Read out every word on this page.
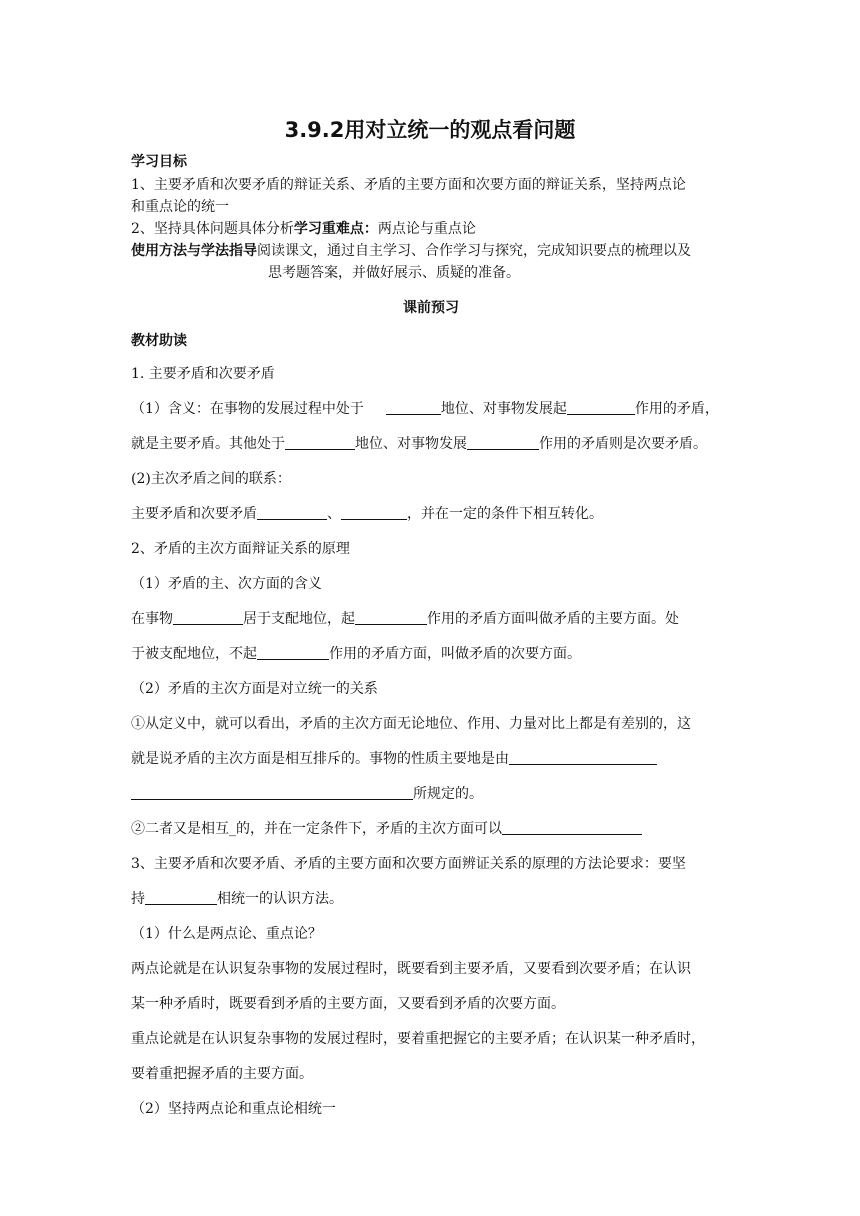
3.9.2用对立统一的观点看问题
学习目标
1、主要矛盾和次要矛盾的辩证关系、矛盾的主要方面和次要方面的辩证关系，坚持两点论
和重点论的统一
2、坚持具体问题具体分析学习重难点：两点论与重点论
使用方法与学法指导阅读课文，通过自主学习、合作学习与探究，完成知识要点的梳理以及
思考题答案，并做好展示、质疑的准备。
课前预习
教材助读
1. 主要矛盾和次要矛盾
（1）含义：在事物的发展过程中处于	地位、对事物发展起	作用的矛盾，
就是主要矛盾。其他处于	地位、对事物发展	作用的矛盾则是次要矛盾。
(2)主次矛盾之间的联系：
主要矛盾和次要矛盾	、	，并在一定的条件下相互转化。
2、矛盾的主次方面辩证关系的原理
（1）矛盾的主、次方面的含义
在事物	居于支配地位，起	作用的矛盾方面叫做矛盾的主要方面。处
于被支配地位，不起	作用的矛盾方面，叫做矛盾的次要方面。
（2）矛盾的主次方面是对立统一的关系
①从定义中，就可以看出，矛盾的主次方面无论地位、作用、力量对比上都是有差别的，这
就是说矛盾的主次方面是相互排斥的。事物的性质主要地是由
所规定的。
②二者又是相互_的，并在一定条件下，矛盾的主次方面可以
3、主要矛盾和次要矛盾、矛盾的主要方面和次要方面辨证关系的原理的方法论要求：要坚
持	相统一的认识方法。
（1）什么是两点论、重点论？
两点论就是在认识复杂事物的发展过程时，既要看到主要矛盾，又要看到次要矛盾；在认识
某一种矛盾时，既要看到矛盾的主要方面，又要看到矛盾的次要方面。
重点论就是在认识复杂事物的发展过程时，要着重把握它的主要矛盾；在认识某一种矛盾时，
要着重把握矛盾的主要方面。
（2）坚持两点论和重点论相统一
